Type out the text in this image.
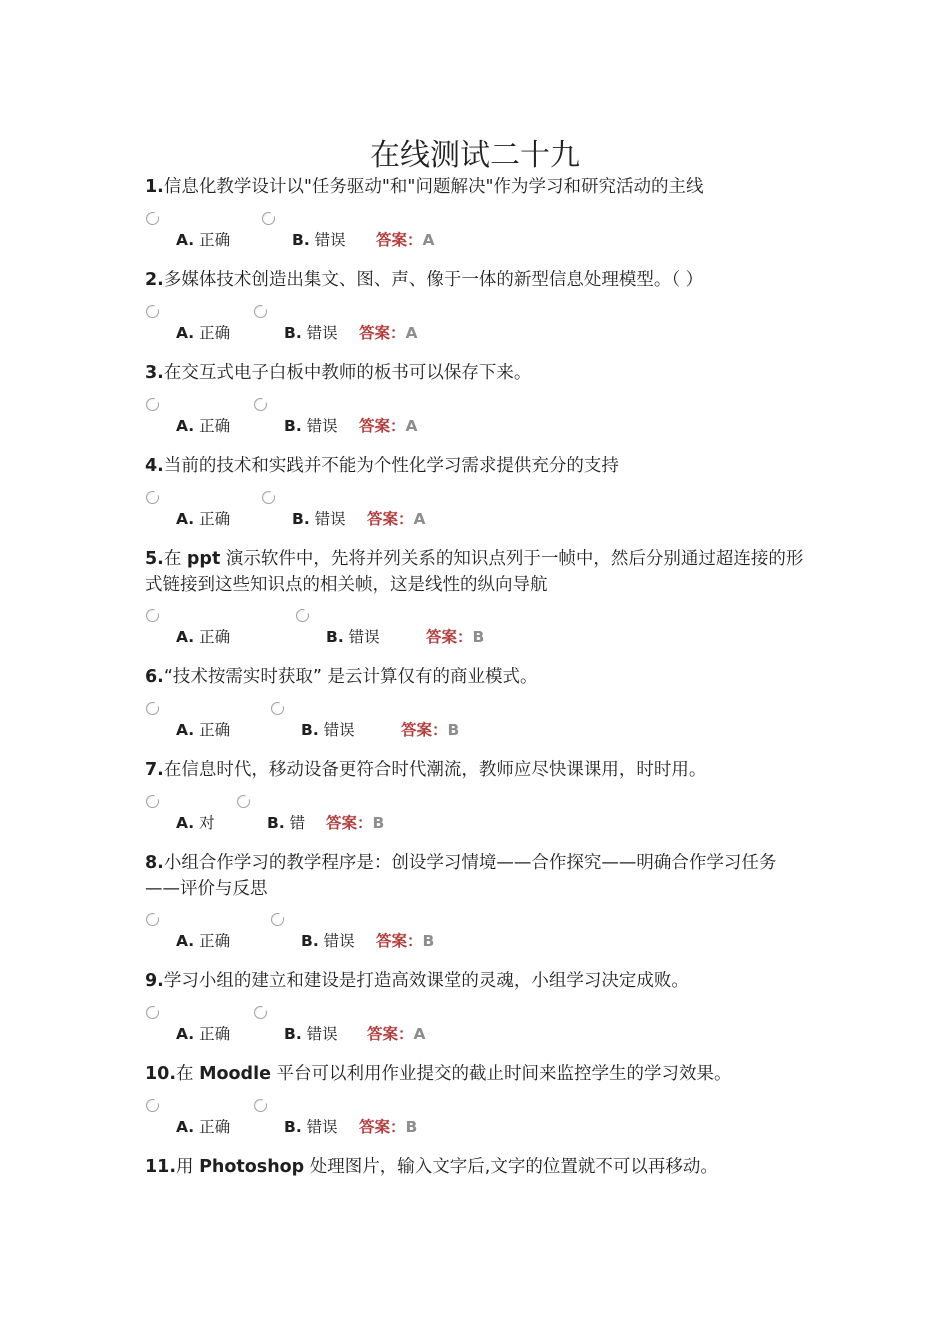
在线测试二十九
1.信息化教学设计以"任务驱动"和"问题解决"作为学习和研究活动的主线
A. 正确	B. 错误 答案：A
2.多媒体技术创造出集文、图、声、像于一体的新型信息处理模型。（ ）
A. 正确	B. 错误 答案：A
3.在交互式电子白板中教师的板书可以保存下来。
A. 正确	B. 错误 答案：A
4.当前的技术和实践并不能为个性化学习需求提供充分的支持
A. 正确	B. 错误 答案：A
5.在 ppt 演示软件中，先将并列关系的知识点列于一帧中，然后分别通过超连接的形式链接到这些知识点的相关帧，这是线性的纵向导航
A. 正确	B. 错误	答案：B
6.“技术按需实时获取” 是云计算仅有的商业模式。
A. 正确	B. 错误	答案：B
7.在信息时代，移动设备更符合时代潮流，教师应尽快课课用，时时用。
A. 对	B. 错 答案：B
8.小组合作学习的教学程序是：创设学习情境——合作探究——明确合作学习任务——评价与反思
A. 正确	B. 错误 答案：B
9.学习小组的建立和建设是打造高效课堂的灵魂，小组学习决定成败。
A. 正确	B. 错误 答案：A
10.在 Moodle 平台可以利用作业提交的截止时间来监控学生的学习效果。
A. 正确	B. 错误 答案：B
11.用 Photoshop 处理图片，输入文字后,文字的位置就不可以再移动。
